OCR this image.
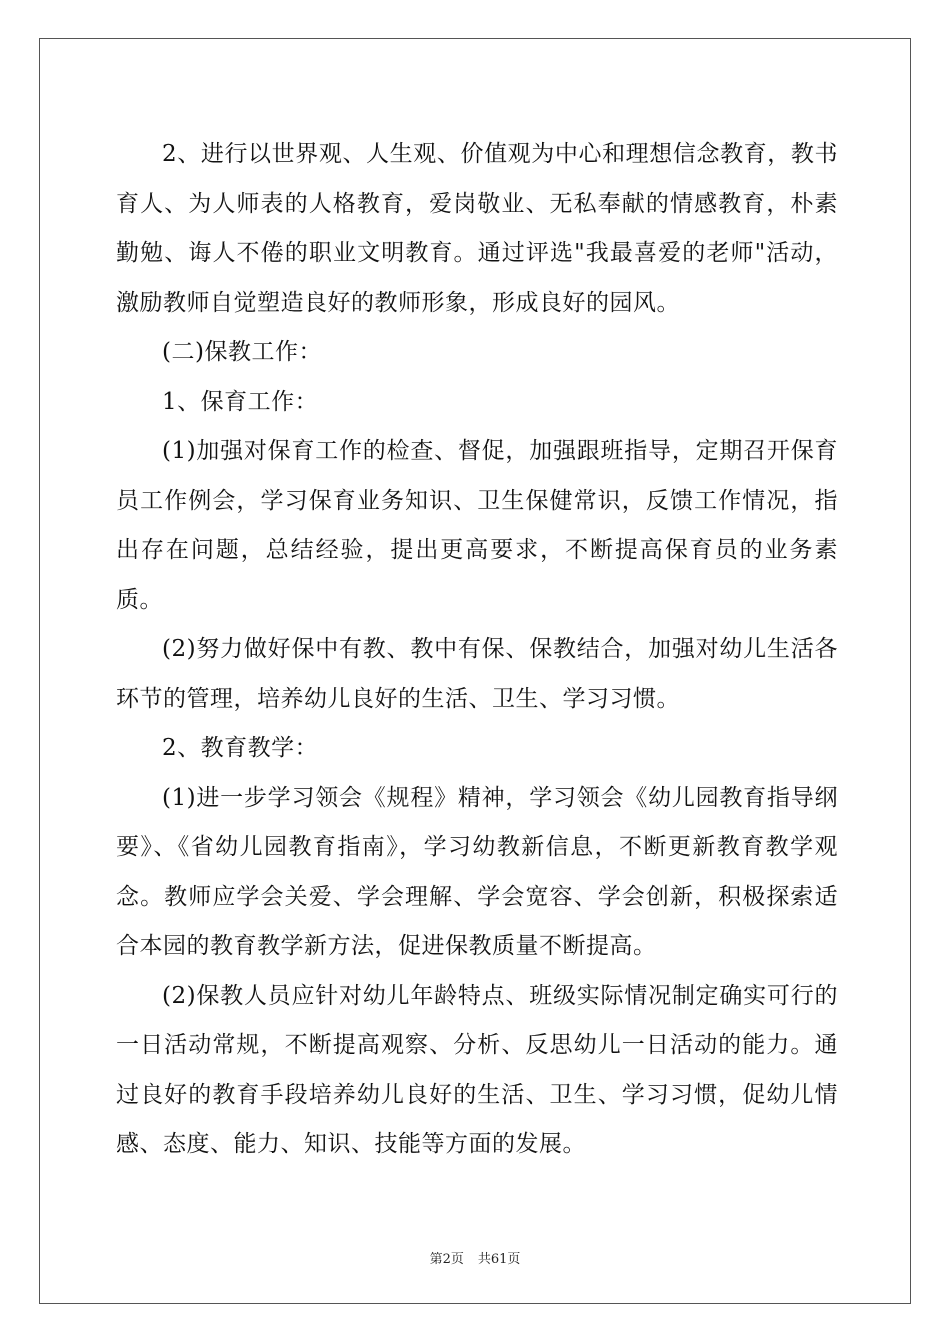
2、进行以世界观、人生观、价值观为中心和理想信念教育，教书育人、为人师表的人格教育，爱岗敬业、无私奉献的情感教育，朴素勤勉、诲人不倦的职业文明教育。通过评选"我最喜爱的老师"活动，激励教师自觉塑造良好的教师形象，形成良好的园风。

(二)保教工作：

1、保育工作：

(1)加强对保育工作的检查、督促，加强跟班指导，定期召开保育员工作例会，学习保育业务知识、卫生保健常识，反馈工作情况，指出存在问题，总结经验，提出更高要求，不断提高保育员的业务素质。

(2)努力做好保中有教、教中有保、保教结合，加强对幼儿生活各环节的管理，培养幼儿良好的生活、卫生、学习习惯。

2、教育教学：

(1)进一步学习领会《规程》精神，学习领会《幼儿园教育指导纲要》、《省幼儿园教育指南》，学习幼教新信息，不断更新教育教学观念。教师应学会关爱、学会理解、学会宽容、学会创新，积极探索适合本园的教育教学新方法，促进保教质量不断提高。

(2)保教人员应针对幼儿年龄特点、班级实际情况制定确实可行的一日活动常规，不断提高观察、分析、反思幼儿一日活动的能力。通过良好的教育手段培养幼儿良好的生活、卫生、学习习惯，促幼儿情感、态度、能力、知识、技能等方面的发展。

第2页 共61页
